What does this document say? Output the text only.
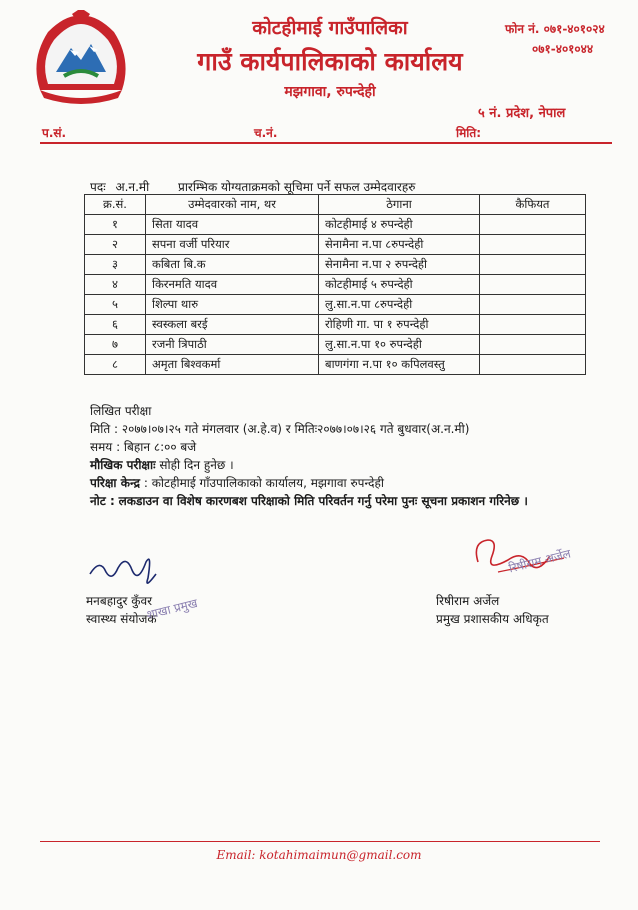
कोटहीमाई गाउँपालिका
गाउँ कार्यपालिकाको कार्यालय
मझगावा, रुपन्देही
फोन नं. ०७१-४०१०२४
०७१-४०१०४४
५ नं. प्रदेश, नेपाल
प.सं.	च.नं.	मिति:
पदः अ.न.मी प्रारम्भिक योग्यताक्रमको सूचिमा पर्ने सफल उम्मेदवारहरु
क्र.सं.	उम्मेदवारको नाम, थर	ठेगाना	कैफियत
१	सिता यादव	कोटहीमाई ४ रुपन्देही	
२	सपना वर्जी परियार	सेनामैना न.पा ८रुपन्देही	
३	कबिता बि.क	सेनामैना न.पा २ रुपन्देही	
४	किरनमति यादव	कोटहीमाई ५ रुपन्देही	
५	शिल्पा थारु	लु.सा.न.पा ८रुपन्देही	
६	स्वस्कला बरई	रोहिणी गा. पा १ रुपन्देही	
७	रजनी त्रिपाठी	लु.सा.न.पा १० रुपन्देही	
८	अमृता बिश्वकर्मा	बाणगंगा न.पा १० कपिलवस्तु	
लिखित परीक्षा
मिति : २०७७।०७।२५ गते मंगलवार (अ.हे.व) र मितिः२०७७।०७।२६ गते बुधवार(अ.न.मी)
समय : बिहान ८:०० बजे
मौखिक परीक्षाः सोही दिन हुनेछ ।
परिक्षा केन्द्र : कोटहीमाई गाँउपालिकाको कार्यालय, मझगावा रुपन्देही
नोट : लकडाउन वा विशेष कारणबश परिक्षाको मिति परिवर्तन गर्नु परेमा पुनः सूचना प्रकाशन गरिनेछ ।
मनबहादुर कुँवर
स्वास्थ्य संयोजक
शाखा प्रमुख
रिषीराम अर्जेल
रिषीराम अर्जेल
प्रमुख प्रशासकीय अधिकृत
Email: kotahimaimun@gmail.com
